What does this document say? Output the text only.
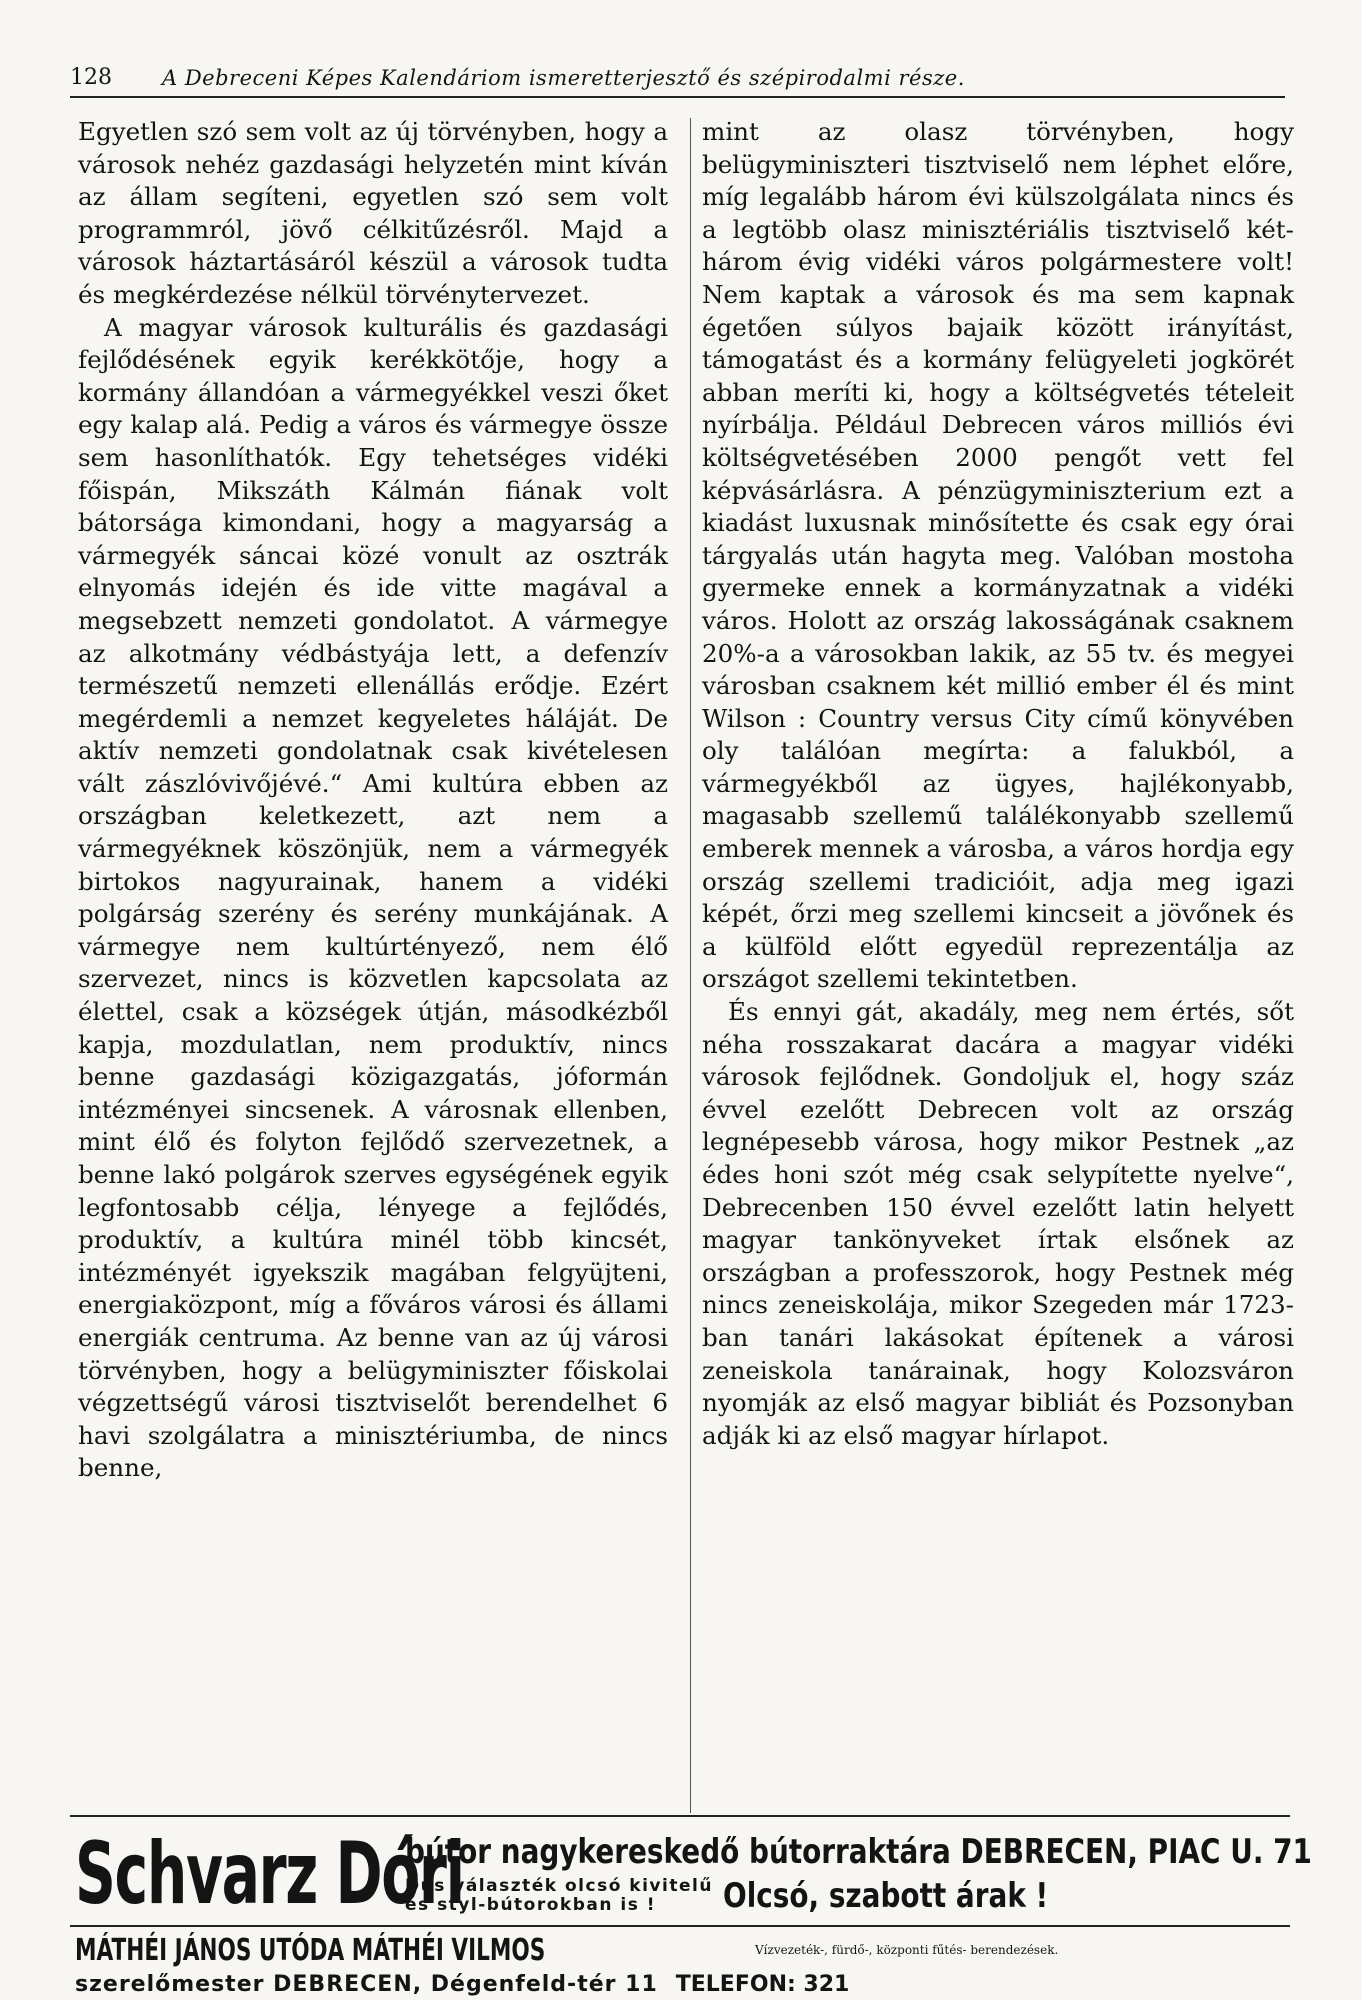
128 A Debreceni Képes Kalendáriom ismeretterjesztő és szépirodalmi része.

Egyetlen szó sem volt az új törvényben, hogy a városok nehéz gazdasági helyzetén mint kíván az állam segíteni, egyetlen szó sem volt programmról, jövő célkitűzésről. Majd a városok háztartásáról készül a városok tudta és megkérdezése nélkül törvénytervezet.

A magyar városok kulturális és gazdasági fejlődésének egyik kerékkötője, hogy a kormány állandóan a vármegyékkel veszi őket egy kalap alá. Pedig a város és vármegye össze sem hasonlíthatók. Egy tehetséges vidéki főispán, Mikszáth Kálmán fiának volt bátorsága kimondani, hogy a magyarság a vármegyék sáncai közé vonult az osztrák elnyomás idején és ide vitte magával a megsebzett nemzeti gondolatot. A vármegye az alkotmány védbástyája lett, a defenzív természetű nemzeti ellenállás erődje. Ezért megérdemli a nemzet kegyeletes háláját. De aktív nemzeti gondolatnak csak kivételesen vált zászlóvivőjévé.“ Ami kultúra ebben az országban keletkezett, azt nem a vármegyéknek köszönjük, nem a vármegyék birtokos nagyurainak, hanem a vidéki polgárság szerény és serény munkájának. A vármegye nem kultúrtényező, nem élő szervezet, nincs is közvetlen kapcsolata az élettel, csak a községek útján, másodkézből kapja, mozdulatlan, nem produktív, nincs benne gazdasági közigazgatás, jóformán intézményei sincsenek. A városnak ellenben, mint élő és folyton fejlődő szervezetnek, a benne lakó polgárok szerves egységének egyik legfontosabb célja, lényege a fejlődés, produktív, a kultúra minél több kincsét, intézményét igyekszik magában felgyüjteni, energiaközpont, míg a főváros városi és állami energiák centruma. Az benne van az új városi törvényben, hogy a belügyminiszter főiskolai végzettségű városi tisztviselőt berendelhet 6 havi szolgálatra a minisztériumba, de nincs benne,

mint az olasz törvényben, hogy belügyminiszteri tisztviselő nem léphet előre, míg legalább három évi külszolgálata nincs és a legtöbb olasz minisztériális tisztviselő két-három évig vidéki város polgármestere volt! Nem kaptak a városok és ma sem kapnak égetően súlyos bajaik között irányítást, támogatást és a kormány felügyeleti jogkörét abban meríti ki, hogy a költségvetés tételeit nyírbálja. Például Debrecen város milliós évi költségvetésében 2000 pengőt vett fel képvásárlásra. A pénzügyminiszterium ezt a kiadást luxusnak minősítette és csak egy órai tárgyalás után hagyta meg. Valóban mostoha gyermeke ennek a kormányzatnak a vidéki város. Holott az ország lakosságának csaknem 20%-a a városokban lakik, az 55 tv. és megyei városban csaknem két millió ember él és mint Wilson : Country versus City című könyvében oly találóan megírta: a falukból, a vármegyékből az ügyes, hajlékonyabb, magasabb szellemű találékonyabb szellemű emberek mennek a városba, a város hordja egy ország szellemi tradicióit, adja meg igazi képét, őrzi meg szellemi kincseit a jövőnek és a külföld előtt egyedül reprezentálja az országot szellemi tekintetben.

És ennyi gát, akadály, meg nem értés, sőt néha rosszakarat dacára a magyar vidéki városok fejlődnek. Gondoljuk el, hogy száz évvel ezelőtt Debrecen volt az ország legnépesebb városa, hogy mikor Pestnek „az édes honi szót még csak selypítette nyelve“, Debrecenben 150 évvel ezelőtt latin helyett magyar tankönyveket írtak elsőnek az országban a professzorok, hogy Pestnek még nincs zeneiskolája, mikor Szegeden már 1723-ban tanári lakásokat építenek a városi zeneiskola tanárainak, hogy Kolozsváron nyomják az első magyar bibliát és Pozsonyban adják ki az első magyar hírlapot.

Schvarz Dóri
bútor nagykereskedő bútorraktára DEBRECEN, PIAC U. 71
Dús választék olcsó kivitelű
és styl-bútorokban is !	Olcsó, szabott árak !
MÁTHÉI JÁNOS UTÓDA MÁTHÉI VILMOS	Vízvezeték-, fürdő-, központi fűtés- berendezések.
szerelőmester DEBRECEN, Dégenfeld-tér 11 TELEFON: 321
